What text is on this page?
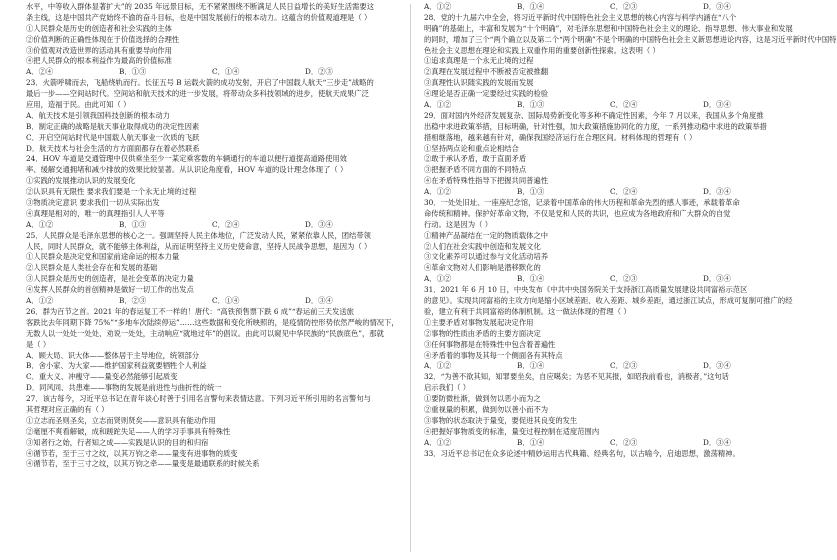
水平，中等收入群体显著扩大”的 2035 年远景目标，无不紧紧围绕不断满足人民日益增长的美好生活需要这
条主线，这是中国共产党始终不渝的奋斗目标，也是中国发展前行的根本动力。这蕴含的价值观道理是（ ）
①人民群众是历史的创造者和社会实践的主体
②价值判断的正确性体现在于价值选择的合理性
③价值观对改造世界的活动具有重要导向作用
④把人民群众的根本利益作为最高的价值标准
A．②④	B．①③	C．①④	D．②③
23．火箭呼啸而去，飞船绕轨而行。长征五号 B 运载火箭的成功发射，开启了中国载人航天“三步走”战略的
最后一步——空间站时代。空间站和航天技术的进一步发展，将带动众多科技领域的进步，使航天成果广泛
应用，造福于民。由此可知（ ）
A．航天技术是引领我国科技创新的根本动力
B．制定正确的战略是航天事业取得成功的决定性因素
C．开启空间站时代是中国载人航天事业一次质的飞跃
D．航天技术与社会生活的方方面面都存在着必然联系
24．HOV 车道是交通管理中仅供乘坐至少一某定乘客数的车辆通行的车道以便行道提高道路使用效
率、缓解交通拥堵和减少排放的效果比较显著。从认识论角度看，HOV 车道的设计理念体现了（ ）
①实践的发展推动认识的发展变化
②认识具有无限性 要求我们要是一个永无止境的过程
③物质决定意识 要求我们一切从实际出发
④真理是相对的，唯一的真理指引人人平等
A．①②	B．①③	C．②④	D．③④
25．人民群众是毛泽东思想的核心之一。强调坚持人民主体地位，广泛发动人民，紧紧依靠人民，团结带领
人民，同时人民群众，就不能够主体利益，从而证明坚持主义历史使命意，坚持人民战争思想，是因为（ ）
①人民群众是决定党和国家前途命运的根本力量
②人民群众是人类社会存在和发展的基础
③人民群众是历史的创造者，是社会变革的决定力量
④发挥人民群众的首创精神是做好一切工作的出发点
A．①②	B．②③	C．①④	D．③④
26．群为百节之首。2021 年的春运复工不一样的！唐代：“高铁预售票下跌 6 成”“春运前三天发送旅
客跌比去年同期下降 75%”“多地车次陆续停运”……这些数据和变化所映照的，是疫情防控形势依然严峻的情况下，
无数人以一处处一处处、劝说一处处，主动响应“就地过年”的倡议。由此可以窥见中华民族的“民族底色”，那就
是（ ）
A．顾大局、识大体——整体居于主导地位，统领部分
B．舍小家、为大家——维护国家利益就要牺牲个人利益
C．重大义、冲瘦守——量变必然能够引起质变
D．同风同、共患难——事物的发展是前进性与曲折性的统一
27．该古每今，习近平总书记在青年谈心时善于引用名言警句来表情达意。下列习近平所引用的名言警句与
其哲理对应正确的有（ ）
①立志而圣则圣矣，立志而贤则贤矣——意识具有能动作用
②毫厘不爽看解破，成和蹉跎失足——人的学习手事具有特殊性
③知者行之始，行者知之成——实践是认识的目的和归宿
④循节若，至于三寸之纹，以其万钧之牵——量变有进事物的质变
④循节若，至于三寸之纹，以其万钧之牵——量变是最通联系的时候关系
A．①②	B．①④	C．②③	D．③④
28．党的十九届六中全会，将习近平新时代中国特色社会主义思想的核心内容与科学内涵在“八个
明确”的基础上，丰富和发展为“十个明确”，对毛泽东思想和中国特色社会主义的理论、指导思想、伟大事业和发展
的同时，增加了三个“两个确立以及第二个“两个明确”不是个明确的中国特色社会主义新思想进论内容，这是习近平新时代中国特
色社会主义思想在理论和实践上双重作用的重要创新性探索。这表明（ ）
①追求真理是一个永无止境的过程
②真理在发展过程中不断被否定被推翻
③真理性认识随实践的发展而发展
④理论是否正确一定要经过实践的检验
A．①②	B．①③	C．②④	D．③④
29．面对国内外经济发展复杂、国际局势新变化等多种不确定性因素，今年 7 月以来，我国从多个角度推
出稳中求进政策举措，目标明确，针对性强，加大政策措施协同化的力度，一系列推动稳中求进的政策举措
措相继落地，越来越有针对，确保我国经济运行在合理区间。材料体现的哲理有（ ）
①坚持两点论和重点论相结合
②敢于承认矛盾，敢于直面矛盾
③把握矛盾不同方面的不同特点
④在矛盾特殊性指导下把握共同普遍性
A．①②	B．①③	C．②④	D．③④
30．一处处旧址、一座座纪念馆，记录着中国革命的伟大历程和革命先烈的感人事迹，承载着革命
命传统和精神。保护好革命文物，不仅是党和人民的共识，也应成为各地政府和广大群众的自觉
行动。这是因为（ ）
①精神产品凝结在一定的物质载体之中
②人们在社会实践中创造和发展文化
③文化素养可以通过参与文化活动培养
④革命文物对人们影响是潜移默化的
A．①②	B．①④	C．②③	D．③④
31．2021 年 6 月 10 日，中央发布《中共中央国务院关于支持浙江高质量发展建设共同富裕示范区
的意见》。实现共同富裕的主攻方向是缩小区域差距、收入差距、城乡差距，通过浙江试点，形成可复制可推广的经
验，建立有利于共同富裕的体制机制。这一做法体现的哲理（ ）
①主要矛盾对事物发展起决定作用
②事物的性质由矛盾的主要方面决定
③任何事物都是在特殊性中包含着普遍性
④矛盾着的事物及其每一个侧面各有其特点
A．①②	B．①④	C．②③	D．③④
32．“为善不欲其知，知罪要坐矣，自应噶矣；为恶不见其报，如昭我前看也，消极者，”这句话
启示我们（ ）
①要防微杜渐，做到勿以恶小而为之
②重视量的积累，做到勿以善小而不为
③事物的状态取决于量变，要促进其良变的发生
④把握好事物质变的标准，量变过程控制在适度范围内
A．①②	B．①④	C．②③	D．③④
33．习近平总书记在众多论述中精妙运用古代典籍、经典名句，以古喻今，启迪思想，激荡精神。
